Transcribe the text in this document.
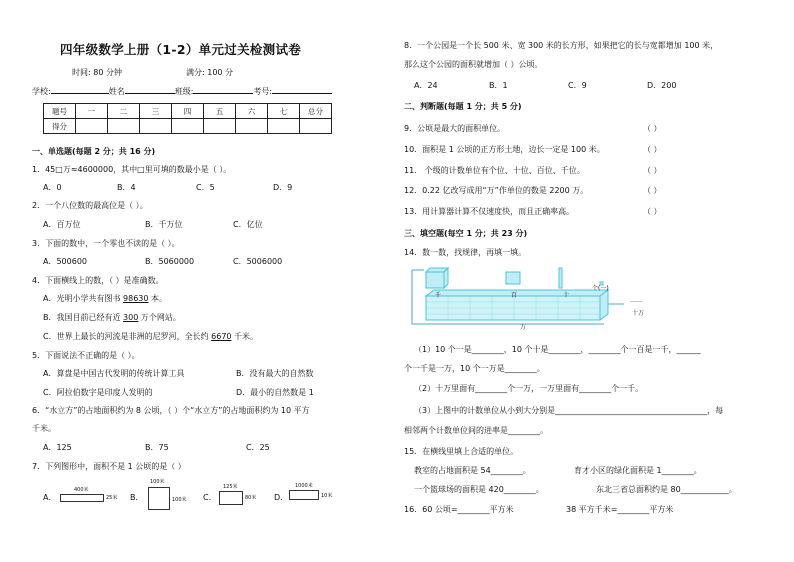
四年级数学上册（1-2）单元过关检测试卷
时间: 80 分钟	满分: 100 分
学校:	姓名	班级:	考号:
题号	一	二	三	四	五	六	七	总分
得分								
一、单选题(每题 2 分；共 16 分)
1．45□万≈4600000，其中□里可填的数最小是（ ）。
A．0	B．4	C．5	D．9
2．一个八位数的最高位是（ ）。
A．百万位	B．千万位	C．亿位
3．下面的数中，一个零也不读的是（ ）。
A．500600	B．5060000	C．5006000
4．下面横线上的数，（ ）是准确数。
A．光明小学共有图书 98630 本。
B．我国目前已经有近 300 万个网站。
C．世界上最长的河流是非洲的尼罗河，全长约 6670 千米。
5．下面说法不正确的是（ ）。
A．算盘是中国古代发明的传统计算工具	B．没有最大的自然数
C．阿拉伯数字是印度人发明的	D．最小的自然数是 1
6．“水立方”的占地面积约为 8 公顷，（ ）个“水立方”的占地面积约为 10 平方
千米。
A．125	B．75	C．25
7．下列图形中，面积不是 1 公顷的是（ ）
A．
400米
25米 B．
100米
100米 C．
125米
80米 D．
1000米
10米
8．一个公园是一个长 500 米、宽 300 米的长方形，如果把它的长与宽都增加 100 米，
那么这个公园的面积就增加（ ）公顷。
A．24	B．1	C．9	D．200
二、判断题(每题 1 分；共 5 分)
9．公顷是最大的面积单位。	（ ）
10．面积是 1 公顷的正方形土地，边长一定是 100 米。	（ ）
11． 个级的计数单位有个位、十位、百位、千位。	（ ）
12．0.22 亿改写成用“万”作单位的数是 2200 万。	（ ）
13．用计算器计算不仅速度快，而且正确率高。	（ ）
三、填空题(每空 1 分；共 23 分)
14．数一数，找规律，再填一填。
千	百	十
个(一)
……
十万
万
（1）10 个一是________，10 个十是________，________个一百是一千，______
个一千是一万，10 个一万是________。
（2）十万里面有________个一万，一万里面有________个一千。
（3）上图中的计数单位从小到大分别是______________________________________，每
相邻两个计数单位间的进率是________。
15．在横线里填上合适的单位。
教室的占地面积是 54________。	育才小区的绿化面积是 1________。
一个篮球场的面积是 420________。	东北三省总面积约是 80____________。
16．60 公顷=________平方米	38 平方千米=________平方米
